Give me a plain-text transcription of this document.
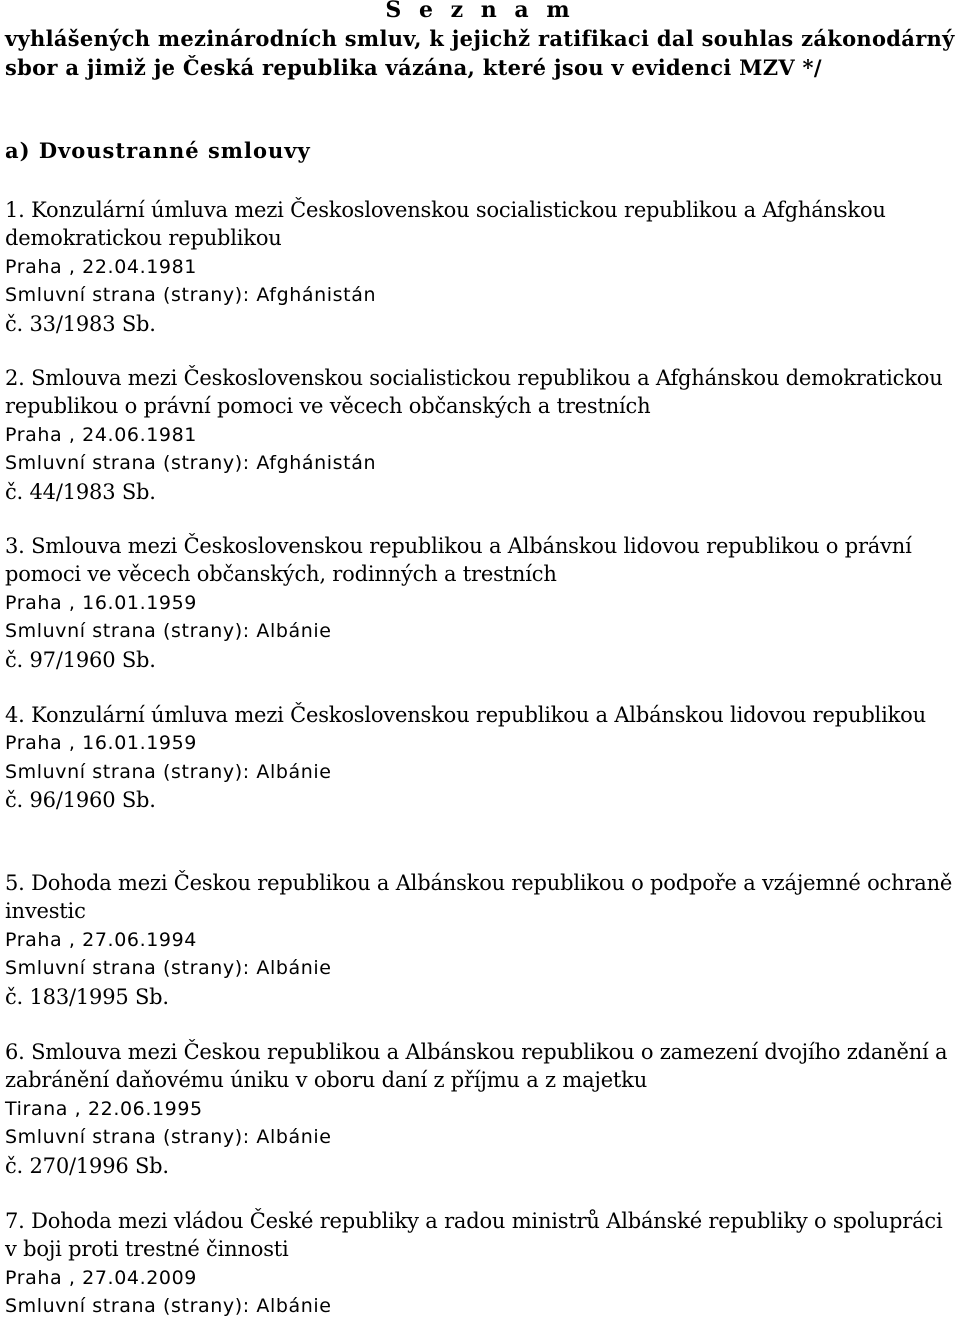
S e z n a m
vyhlášených mezinárodních smluv, k jejichž ratifikaci dal souhlas zákonodárný sbor a jimiž je Česká republika vázána, které jsou v evidenci MZV */
a) Dvoustranné smlouvy
1. Konzulární úmluva mezi Československou socialistickou republikou a Afghánskou demokratickou republikou
Praha , 22.04.1981
Smluvní strana (strany): Afghánistán
č. 33/1983 Sb.
2. Smlouva mezi Československou socialistickou republikou a Afghánskou demokratickou republikou o právní pomoci ve věcech občanských a trestních
Praha , 24.06.1981
Smluvní strana (strany): Afghánistán
č. 44/1983 Sb.
3. Smlouva mezi Československou republikou a Albánskou lidovou republikou o právní pomoci ve věcech občanských, rodinných a trestních
Praha , 16.01.1959
Smluvní strana (strany): Albánie
č. 97/1960 Sb.
4. Konzulární úmluva mezi Československou republikou a Albánskou lidovou republikou
Praha , 16.01.1959
Smluvní strana (strany): Albánie
č. 96/1960 Sb.
5. Dohoda mezi Českou republikou a Albánskou republikou o podpoře a vzájemné ochraně investic
Praha , 27.06.1994
Smluvní strana (strany): Albánie
č. 183/1995 Sb.
6. Smlouva mezi Českou republikou a Albánskou republikou o zamezení dvojího zdanění a zabránění daňovému úniku v oboru daní z příjmu a z majetku
Tirana , 22.06.1995
Smluvní strana (strany): Albánie
č. 270/1996 Sb.
7. Dohoda mezi vládou České republiky a radou ministrů Albánské republiky o spolupráci v boji proti trestné činnosti
Praha , 27.04.2009
Smluvní strana (strany): Albánie
